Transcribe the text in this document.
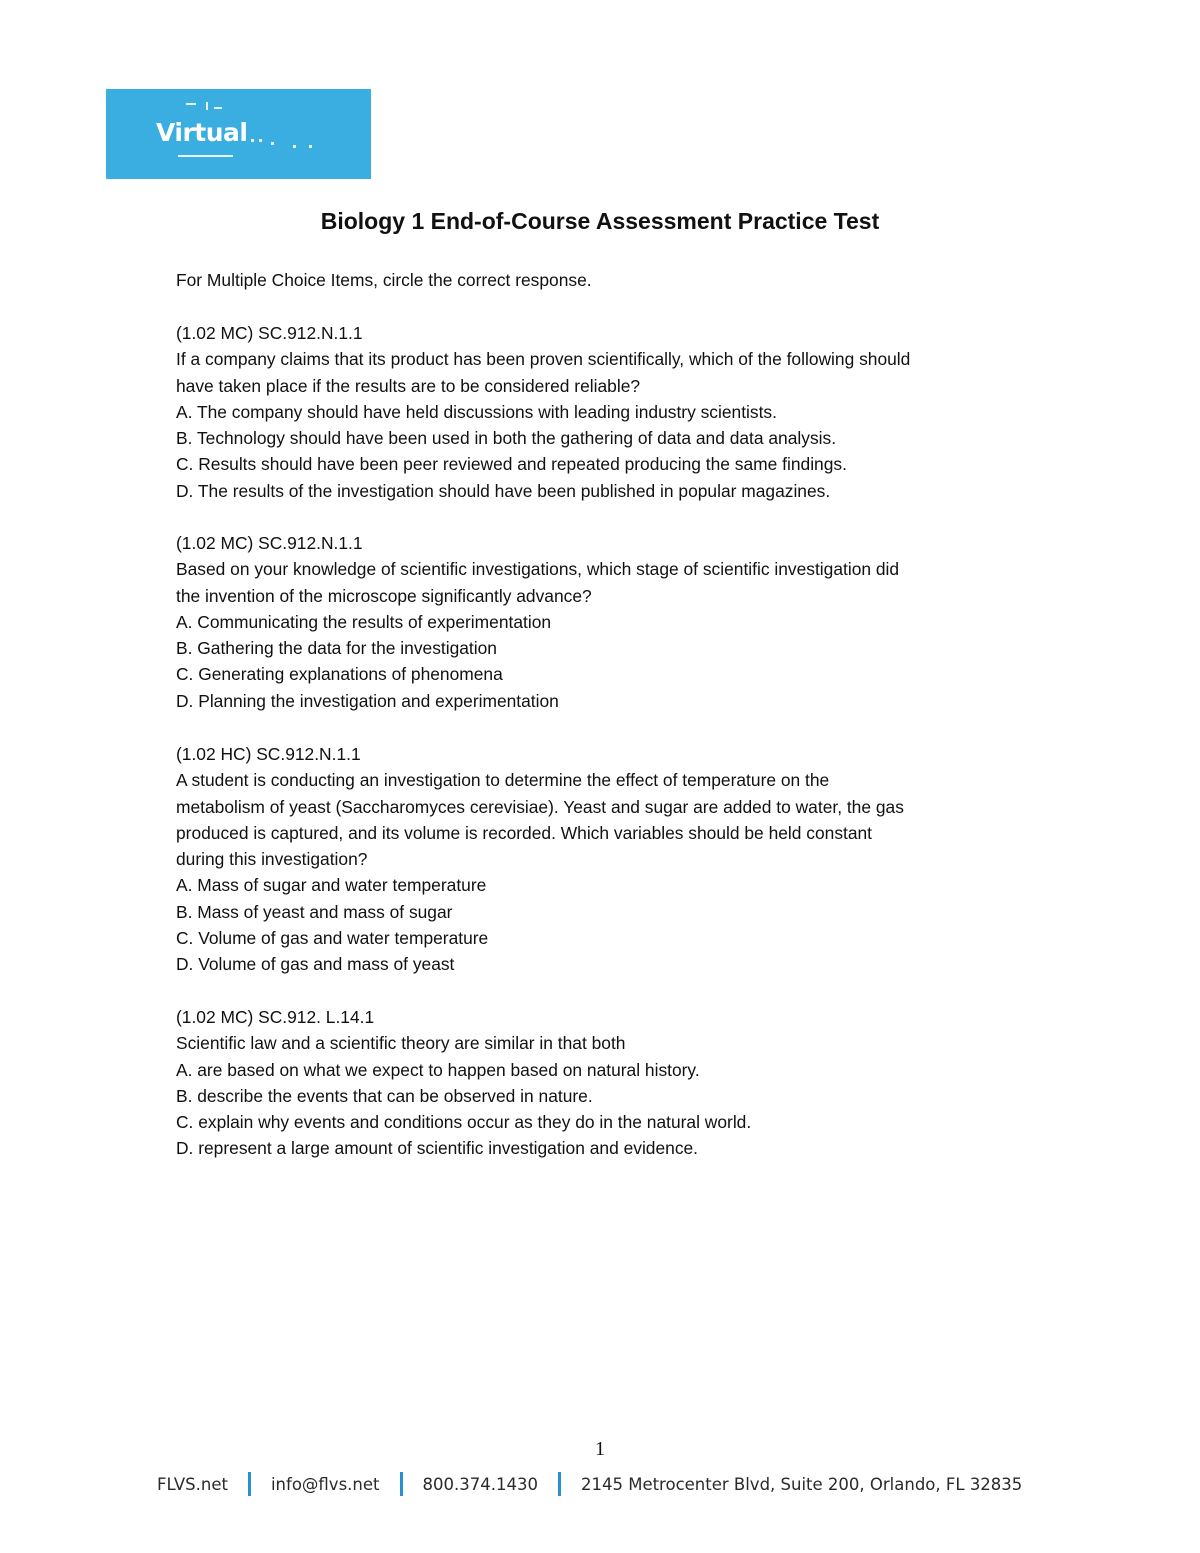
Virtual
Biology 1 End-of-Course Assessment Practice Test
For Multiple Choice Items, circle the correct response.
(1.02 MC) SC.912.N.1.1
If a company claims that its product has been proven scientifically, which of the following should
have taken place if the results are to be considered reliable?
A. The company should have held discussions with leading industry scientists.
B. Technology should have been used in both the gathering of data and data analysis.
C. Results should have been peer reviewed and repeated producing the same findings.
D. The results of the investigation should have been published in popular magazines.
(1.02 MC) SC.912.N.1.1
Based on your knowledge of scientific investigations, which stage of scientific investigation did
the invention of the microscope significantly advance?
A. Communicating the results of experimentation
B. Gathering the data for the investigation
C. Generating explanations of phenomena
D. Planning the investigation and experimentation
(1.02 HC) SC.912.N.1.1
A student is conducting an investigation to determine the effect of temperature on the
metabolism of yeast (Saccharomyces cerevisiae). Yeast and sugar are added to water, the gas
produced is captured, and its volume is recorded. Which variables should be held constant
during this investigation?
A. Mass of sugar and water temperature
B. Mass of yeast and mass of sugar
C. Volume of gas and water temperature
D. Volume of gas and mass of yeast
(1.02 MC) SC.912. L.14.1
Scientific law and a scientific theory are similar in that both
A. are based on what we expect to happen based on natural history.
B. describe the events that can be observed in nature.
C. explain why events and conditions occur as they do in the natural world.
D. represent a large amount of scientific investigation and evidence.
1
FLVS.net	info@flvs.net	800.374.1430	2145 Metrocenter Blvd, Suite 200, Orlando, FL 32835
